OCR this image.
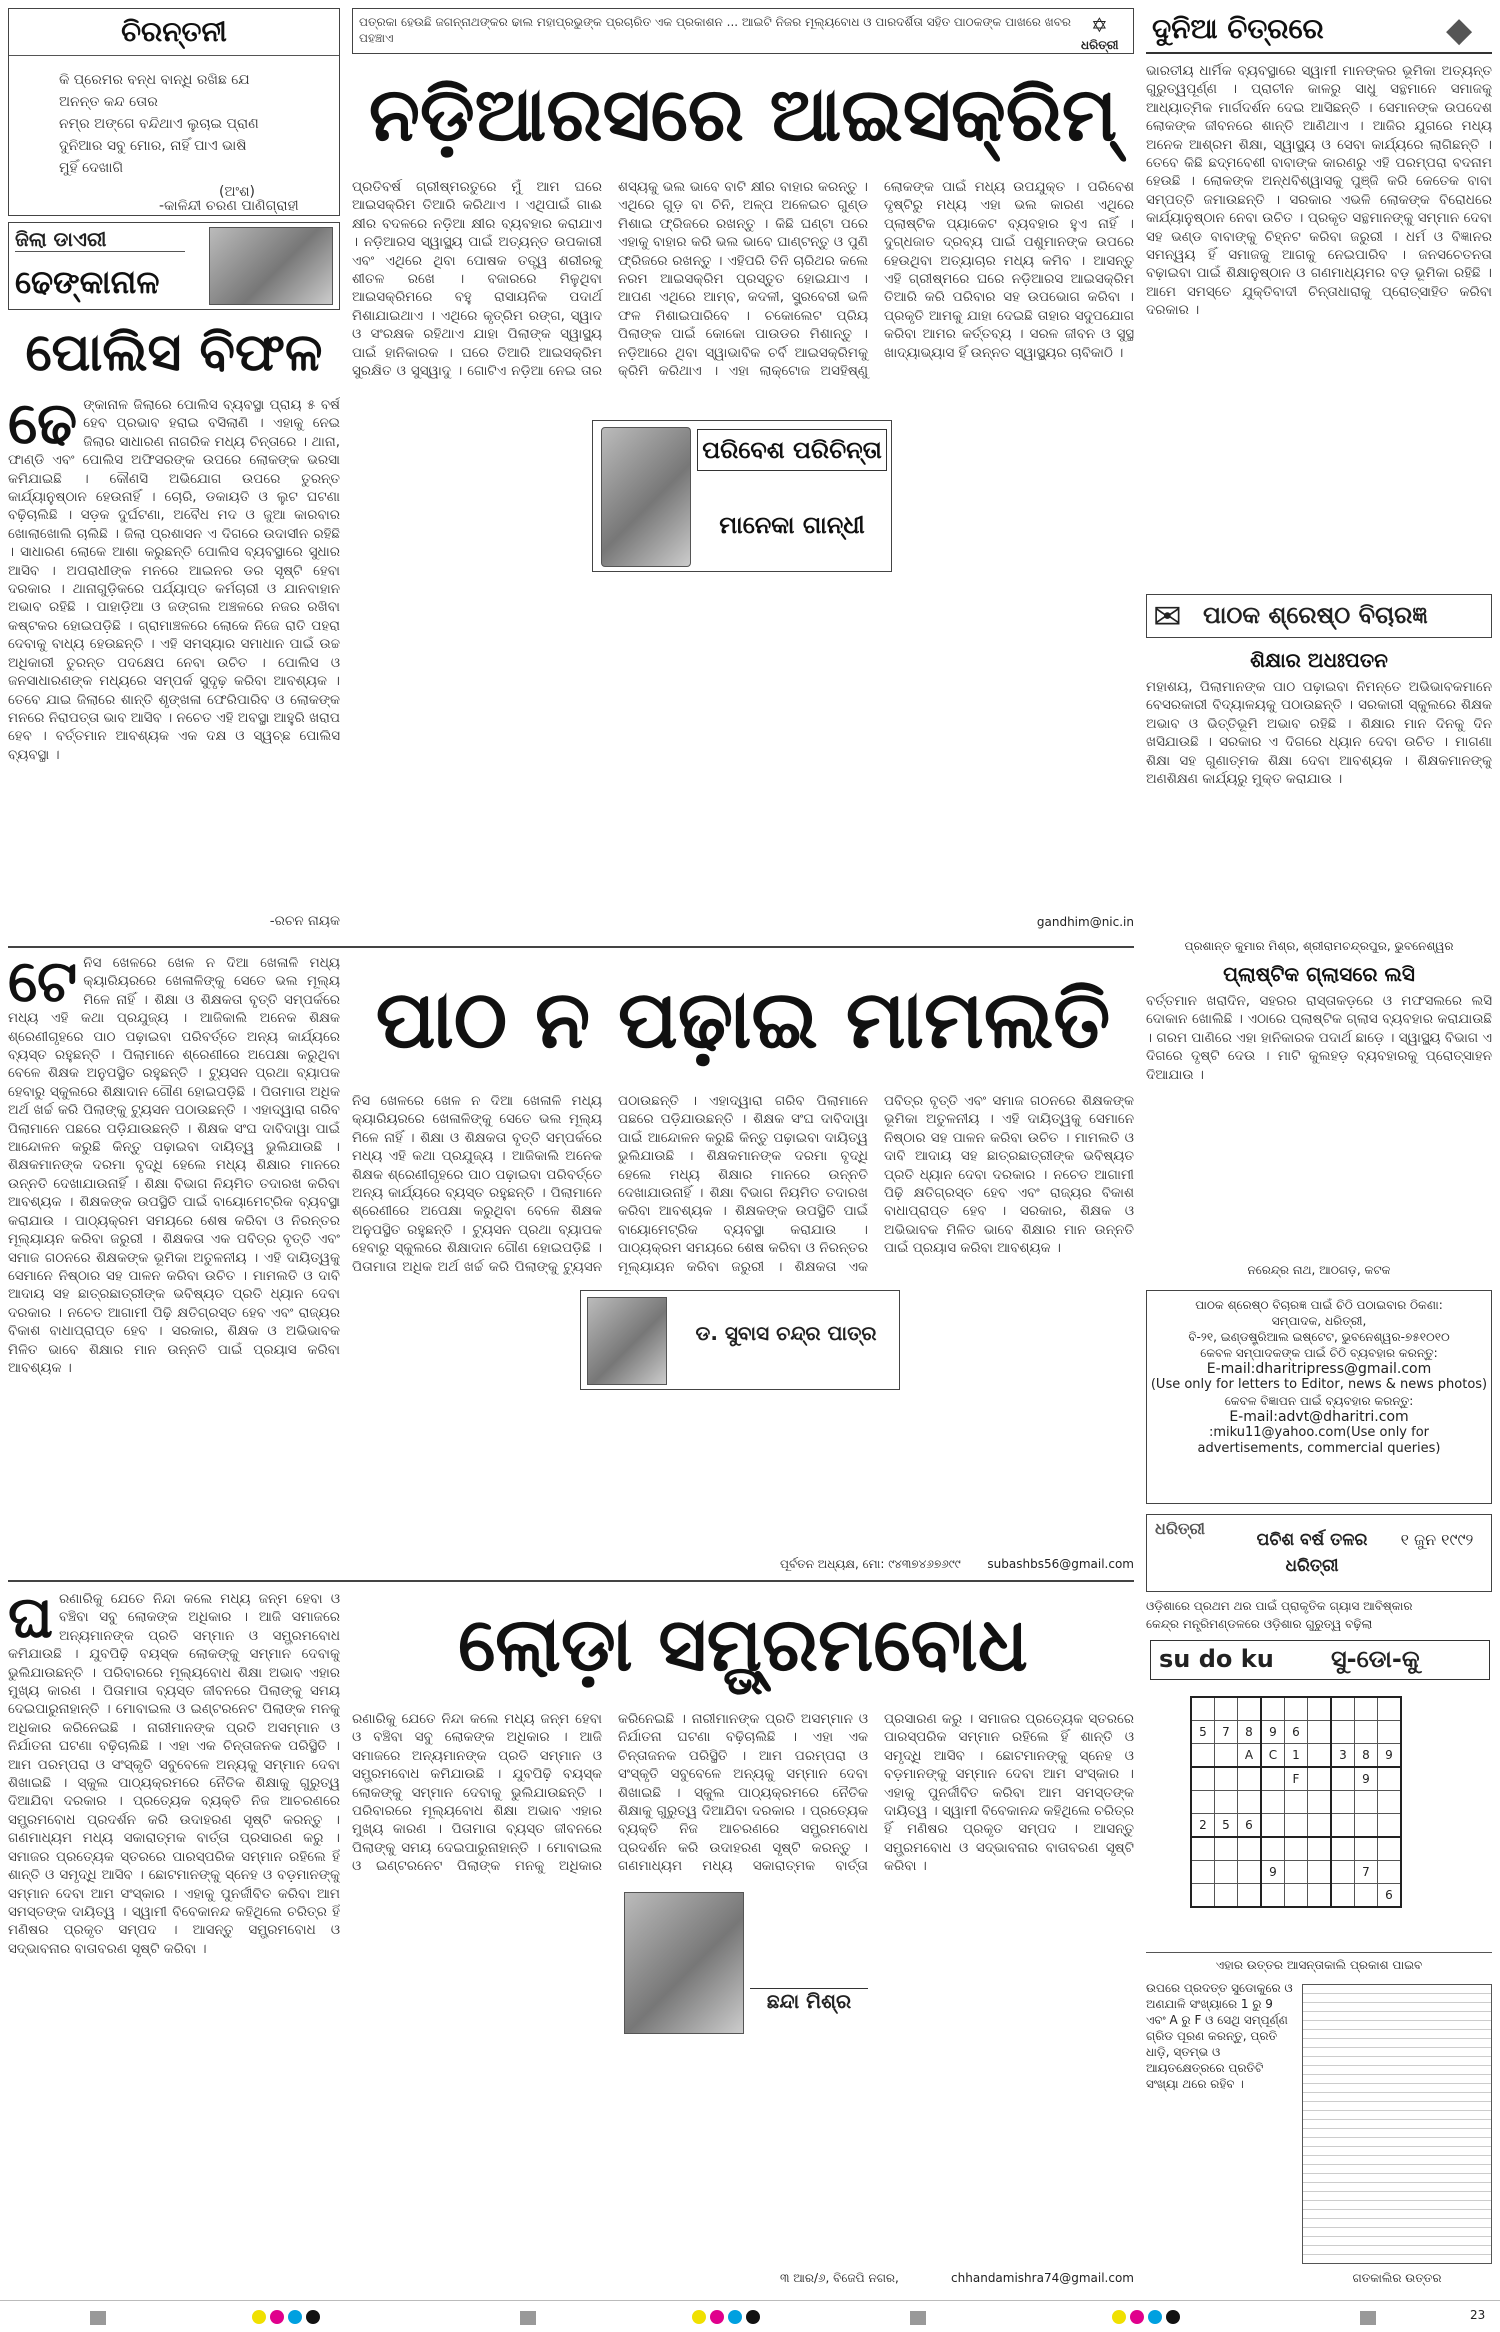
ପତ୍ରକା ହେଉଛି ଜଗନ୍ନାଥଙ୍କର ଢାଲ ମହାପ୍ରଭୁଙ୍କ ପ୍ରଚାରିତ ଏକ ପ୍ରକାଶନ ... ଆଇଟି ନିଜର ମୂଲ୍ୟବୋଧ ଓ ପାରଦର୍ଶିତା ସହିତ ପାଠକଙ୍କ ପାଖରେ ଖବର ପହଞ୍ଚାଏ
✡
ଧରିତ୍ରୀ
ଚିରନ୍ତନୀ
କି ପ୍ରେମର ବନ୍ଧ ବାନ୍ଧି ରଖିଛ ଯେ
ଅନନ୍ତ କନ୍ଦ ତୋର
ନମ୍ର ଅଙ୍ଗେ ବନ୍ଦିଥାଏ ଲୁଚାଇ ପ୍ରାଣ
ଦୁନିଆର ସବୁ ମୋର, ନାହିଁ ପାଏ ଭାଷି
ମୁହିଁ ଦେଖାଗି
(ଅଂଶ)
-କାଳିନ୍ଦୀ ଚରଣ ପାଣିଗ୍ରାହୀ
ଜିଲା ଡାଏରୀ
ଢେଙ୍କାନାଳ
ପୋଲିସ ବିଫଳ
ଢେ ଙ୍କାନାଳ ଜିଲାରେ ପୋଲିସ ବ୍ୟବସ୍ଥା ପ୍ରାୟ ୫ ବର୍ଷ ହେବ ପ୍ରଭାବ ହରାଇ ବସିଲାଣି । ଏହାକୁ ନେଇ ଜିଲାର ସାଧାରଣ ନାଗରିକ ମଧ୍ୟ ଚିନ୍ତାରେ । ଥାନା, ଫାଣ୍ଡି ଏବଂ ପୋଲିସ ଅଫିସରଙ୍କ ଉପରେ ଲୋକଙ୍କ ଭରସା କମିଯାଇଛି । କୌଣସି ଅଭିଯୋଗ ଉପରେ ତୁରନ୍ତ କାର୍ଯ୍ୟାନୁଷ୍ଠାନ ହେଉନାହିଁ । ଚୋରି, ଡକାୟତି ଓ ଲୁଟ ଘଟଣା ବଢ଼ିଚାଲିଛି । ସଡ଼କ ଦୁର୍ଘଟଣା, ଅବୈଧ ମଦ ଓ ଜୁଆ କାରବାର ଖୋଲାଖୋଲି ଚାଲିଛି । ଜିଲା ପ୍ରଶାସନ ଏ ଦିଗରେ ଉଦାସୀନ ରହିଛି । ସାଧାରଣ ଲୋକେ ଆଶା କରୁଛନ୍ତି ପୋଲିସ ବ୍ୟବସ୍ଥାରେ ସୁଧାର ଆସିବ । ଅପରାଧୀଙ୍କ ମନରେ ଆଇନର ଡର ସୃଷ୍ଟି ହେବା ଦରକାର । ଥାନାଗୁଡ଼ିକରେ ପର୍ଯ୍ୟାପ୍ତ କର୍ମଚାରୀ ଓ ଯାନବାହାନ ଅଭାବ ରହିଛି । ପାହାଡ଼ିଆ ଓ ଜଙ୍ଗଲ ଅଞ୍ଚଳରେ ନଜର ରଖିବା କଷ୍ଟକର ହୋଇପଡ଼ିଛି । ଗ୍ରାମାଞ୍ଚଳରେ ଲୋକେ ନିଜେ ରାତି ପହରା ଦେବାକୁ ବାଧ୍ୟ ହେଉଛନ୍ତି । ଏହି ସମସ୍ୟାର ସମାଧାନ ପାଇଁ ଉଚ୍ଚ ଅଧିକାରୀ ତୁରନ୍ତ ପଦକ୍ଷେପ ନେବା ଉଚିତ । ପୋଲିସ ଓ ଜନସାଧାରଣଙ୍କ ମଧ୍ୟରେ ସମ୍ପର୍କ ସୁଦୃଢ଼ କରିବା ଆବଶ୍ୟକ । ତେବେ ଯାଇ ଜିଲାରେ ଶାନ୍ତି ଶୃଙ୍ଖଳା ଫେରିପାରିବ ଓ ଲୋକଙ୍କ ମନରେ ନିରାପତ୍ତା ଭାବ ଆସିବ । ନଚେତ ଏହି ଅବସ୍ଥା ଆହୁରି ଖରାପ ହେବ । ବର୍ତ୍ତମାନ ଆବଶ୍ୟକ ଏକ ଦକ୍ଷ ଓ ସ୍ୱଚ୍ଛ ପୋଲିସ ବ୍ୟବସ୍ଥା ।
-ରଚନ ନାୟକ
ନଡ଼ିଆରସରେ ଆଇସକ୍ରିମ୍
ପ୍ରତିବର୍ଷ ଗ୍ରୀଷ୍ମରତୁରେ ମୁଁ ଆମ ଘରେ ଆଇସକ୍ରିମ ତିଆରି କରିଥାଏ । ଏଥିପାଇଁ ଗାଈ କ୍ଷୀର ବଦଳରେ ନଡ଼ିଆ କ୍ଷୀର ବ୍ୟବହାର କରାଯାଏ । ନଡ଼ିଆରସ ସ୍ୱାସ୍ଥ୍ୟ ପାଇଁ ଅତ୍ୟନ୍ତ ଉପକାରୀ ଏବଂ ଏଥିରେ ଥିବା ପୋଷକ ତତ୍ତ୍ୱ ଶରୀରକୁ ଶୀତଳ ରଖେ । ବଜାରରେ ମିଳୁଥିବା ଆଇସକ୍ରିମରେ ବହୁ ରାସାୟନିକ ପଦାର୍ଥ ମିଶାଯାଇଥାଏ । ଏଥିରେ କୃତ୍ରିମ ରଙ୍ଗ, ସ୍ୱାଦ ଓ ସଂରକ୍ଷକ ରହିଥାଏ ଯାହା ପିଲାଙ୍କ ସ୍ୱାସ୍ଥ୍ୟ ପାଇଁ ହାନିକାରକ । ଘରେ ତିଆରି ଆଇସକ୍ରିମ ସୁରକ୍ଷିତ ଓ ସୁସ୍ୱାଦୁ । ଗୋଟିଏ ନଡ଼ିଆ ନେଇ ତାର ଶସ୍ୟକୁ ଭଲ ଭାବେ ବାଟି କ୍ଷୀର ବାହାର କରନ୍ତୁ । ଏଥିରେ ଗୁଡ଼ ବା ଚିନି, ଅଳ୍ପ ଅଳେଇଚ ଗୁଣ୍ଡ ମିଶାଇ ଫ୍ରିଜରେ ରଖନ୍ତୁ । କିଛି ଘଣ୍ଟା ପରେ ଏହାକୁ ବାହାର କରି ଭଲ ଭାବେ ଘାଣ୍ଟନ୍ତୁ ଓ ପୁଣି ଫ୍ରିଜରେ ରଖନ୍ତୁ । ଏହିପରି ତିନି ଚାରିଥର କଲେ ନରମ ଆଇସକ୍ରିମ ପ୍ରସ୍ତୁତ ହୋଇଯାଏ । ଆପଣ ଏଥିରେ ଆମ୍ବ, କଦଳୀ, ସ୍ଟ୍ରବେରୀ ଭଳି ଫଳ ମିଶାଇପାରିବେ । ଚକୋଲେଟ ପ୍ରିୟ ପିଲାଙ୍କ ପାଇଁ କୋକୋ ପାଉଡର ମିଶାନ୍ତୁ । ନଡ଼ିଆରେ ଥିବା ସ୍ୱାଭାବିକ ଚର୍ବି ଆଇସକ୍ରିମକୁ କ୍ରିମି କରିଥାଏ । ଏହା ଲାକ୍ଟୋଜ ଅସହିଷ୍ଣୁ ଲୋକଙ୍କ ପାଇଁ ମଧ୍ୟ ଉପଯୁକ୍ତ । ପରିବେଶ ଦୃଷ୍ଟିରୁ ମଧ୍ୟ ଏହା ଭଲ କାରଣ ଏଥିରେ ପ୍ଲାଷ୍ଟିକ ପ୍ୟାକେଟ ବ୍ୟବହାର ହୁଏ ନାହିଁ । ଦୁଗ୍ଧଜାତ ଦ୍ରବ୍ୟ ପାଇଁ ପଶୁମାନଙ୍କ ଉପରେ ହେଉଥିବା ଅତ୍ୟାଚାର ମଧ୍ୟ କମିବ । ଆସନ୍ତୁ ଏହି ଗ୍ରୀଷ୍ମରେ ଘରେ ନଡ଼ିଆରସ ଆଇସକ୍ରିମ ତିଆରି କରି ପରିବାର ସହ ଉପଭୋଗ କରିବା । ପ୍ରକୃତି ଆମକୁ ଯାହା ଦେଇଛି ତାହାର ସଦୁପଯୋଗ କରିବା ଆମର କର୍ତ୍ତବ୍ୟ । ସରଳ ଜୀବନ ଓ ସୁସ୍ଥ ଖାଦ୍ୟାଭ୍ୟାସ ହିଁ ଉନ୍ନତ ସ୍ୱାସ୍ଥ୍ୟର ଚାବିକାଠି ।
ପରିବେଶ ପରିଚିନ୍ତା
ମାନେକା ଗାନ୍ଧୀ
gandhim@nic.in
ଦୁନିଆ ଚିତ୍ରରେ	◆
ଭାରତୀୟ ଧାର୍ମିକ ବ୍ୟବସ୍ଥାରେ ସ୍ୱାମୀ ମାନଙ୍କର ଭୂମିକା ଅତ୍ୟନ୍ତ ଗୁରୁତ୍ୱପୂର୍ଣ୍ଣ । ପ୍ରାଚୀନ କାଳରୁ ସାଧୁ ସନ୍ଥମାନେ ସମାଜକୁ ଆଧ୍ୟାତ୍ମିକ ମାର୍ଗଦର୍ଶନ ଦେଇ ଆସିଛନ୍ତି । ସେମାନଙ୍କ ଉପଦେଶ ଲୋକଙ୍କ ଜୀବନରେ ଶାନ୍ତି ଆଣିଥାଏ । ଆଜିର ଯୁଗରେ ମଧ୍ୟ ଅନେକ ଆଶ୍ରମ ଶିକ୍ଷା, ସ୍ୱାସ୍ଥ୍ୟ ଓ ସେବା କାର୍ଯ୍ୟରେ ଲାଗିଛନ୍ତି । ତେବେ କିଛି ଛଦ୍ମବେଶୀ ବାବାଙ୍କ କାରଣରୁ ଏହି ପରମ୍ପରା ବଦନାମ ହେଉଛି । ଲୋକଙ୍କ ଅନ୍ଧବିଶ୍ୱାସକୁ ପୁଞ୍ଜି କରି କେତେକ ବାବା ସମ୍ପତ୍ତି ଜମାଉଛନ୍ତି । ସରକାର ଏଭଳି ଲୋକଙ୍କ ବିରୋଧରେ କାର୍ଯ୍ୟାନୁଷ୍ଠାନ ନେବା ଉଚିତ । ପ୍ରକୃତ ସନ୍ଥମାନଙ୍କୁ ସମ୍ମାନ ଦେବା ସହ ଭଣ୍ଡ ବାବାଙ୍କୁ ଚିହ୍ନଟ କରିବା ଜରୁରୀ । ଧର୍ମ ଓ ବିଜ୍ଞାନର ସମନ୍ୱୟ ହିଁ ସମାଜକୁ ଆଗକୁ ନେଇପାରିବ । ଜନସଚେତନତା ବଢ଼ାଇବା ପାଇଁ ଶିକ୍ଷାନୁଷ୍ଠାନ ଓ ଗଣମାଧ୍ୟମର ବଡ଼ ଭୂମିକା ରହିଛି । ଆମେ ସମସ୍ତେ ଯୁକ୍ତିବାଦୀ ଚିନ୍ତାଧାରାକୁ ପ୍ରୋତ୍ସାହିତ କରିବା ଦରକାର ।
✉ ପାଠକ ଶ୍ରେଷ୍ଠ ବିଚାରଜ୍ଞ
ଶିକ୍ଷାର ଅଧଃପତନ
ମହାଶୟ, ପିଲାମାନଙ୍କ ପାଠ ପଢ଼ାଇବା ନିମନ୍ତେ ଅଭିଭାବକମାନେ ବେସରକାରୀ ବିଦ୍ୟାଳୟକୁ ପଠାଉଛନ୍ତି । ସରକାରୀ ସ୍କୁଲରେ ଶିକ୍ଷକ ଅଭାବ ଓ ଭିତ୍ତିଭୂମି ଅଭାବ ରହିଛି । ଶିକ୍ଷାର ମାନ ଦିନକୁ ଦିନ ଖସିଯାଉଛି । ସରକାର ଏ ଦିଗରେ ଧ୍ୟାନ ଦେବା ଉଚିତ । ମାଗଣା ଶିକ୍ଷା ସହ ଗୁଣାତ୍ମକ ଶିକ୍ଷା ଦେବା ଆବଶ୍ୟକ । ଶିକ୍ଷକମାନଙ୍କୁ ଅଣଶିକ୍ଷଣ କାର୍ଯ୍ୟରୁ ମୁକ୍ତ କରାଯାଉ ।
ପ୍ରଶାନ୍ତ କୁମାର ମିଶ୍ର, ଶ୍ରୀରାମଚନ୍ଦ୍ରପୁର, ଭୁବନେଶ୍ୱର
ପ୍ଲାଷ୍ଟିକ ଗ୍ଲାସରେ ଲସି
ବର୍ତ୍ତମାନ ଖରାଦିନ, ସହରର ରାସ୍ତାକଡ଼ରେ ଓ ମଫସଲରେ ଲସି ଦୋକାନ ଖୋଲିଛି । ଏଠାରେ ପ୍ଲାଷ୍ଟିକ ଗ୍ଲାସ ବ୍ୟବହାର କରାଯାଉଛି । ଗରମ ପାଣିରେ ଏହା ହାନିକାରକ ପଦାର୍ଥ ଛାଡ଼େ । ସ୍ୱାସ୍ଥ୍ୟ ବିଭାଗ ଏ ଦିଗରେ ଦୃଷ୍ଟି ଦେଉ । ମାଟି କୁଲହଡ଼ ବ୍ୟବହାରକୁ ପ୍ରୋତ୍ସାହନ ଦିଆଯାଉ ।
ନରେନ୍ଦ୍ର ନାଥ, ଆଠଗଡ଼, କଟକ
ପାଠକ ଶ୍ରେଷ୍ଠ ବିଚାରଜ୍ଞ ପାଇଁ ଚିଠି ପଠାଇବାର ଠିକଣା:
ସମ୍ପାଦକ, ଧରିତ୍ରୀ,
ବି-୨୧, ଇଣ୍ଡଷ୍ଟ୍ରିଆଲ ଇଷ୍ଟେଟ, ଭୁବନେଶ୍ୱର-୭୫୧୦୧୦
କେବଳ ସମ୍ପାଦକଙ୍କ ପାଇଁ ଚିଠି ବ୍ୟବହାର କରନ୍ତୁ:
E-mail:dharitripress@gmail.com
(Use only for letters to Editor, news & news photos)
କେବଳ ବିଜ୍ଞାପନ ପାଇଁ ବ୍ୟବହାର କରନ୍ତୁ:
E-mail:advt@dharitri.com
:miku11@yahoo.com(Use only for
advertisements, commercial queries)
ଧରିତ୍ରୀ
ପଚିଶ ବର୍ଷ ତଳର ଧରିତ୍ରୀ
୧ ଜୁନ ୧୯୯୨
ଓଡ଼ିଶାରେ ପ୍ରଥମ ଥର ପାଇଁ ପ୍ରାକୃତିକ ଗ୍ୟାସ ଆବିଷ୍କାର
କେନ୍ଦ୍ର ମନ୍ତ୍ରିମଣ୍ଡଳରେ ଓଡ଼ିଶାର ଗୁରୁତ୍ୱ ବଢ଼ିଲା
su do ku ସୁ-ଡୋ-କୁ

5	7	8	9	6				
		A	C	1		3	8	9
				F			9	

2	5	6						

			9				7	
								6
ଏହାର ଉତ୍ତର ଆସନ୍ତାକାଲି ପ୍ରକାଶ ପାଇବ
ଉପରେ ପ୍ରଦତ୍ତ ସୁଡୋକୁରେ ଓ ଅଣଯାଳି ସଂଖ୍ୟାରେ 1 ରୁ 9 ଏବଂ A ରୁ F ଓ ସେଥି ସମ୍ପୂର୍ଣ୍ଣ ଗ୍ରିଡ ପୂରଣ କରନ୍ତୁ, ପ୍ରତି ଧାଡ଼ି, ସ୍ତମ୍ଭ ଓ ଆୟତକ୍ଷେତ୍ରରେ ପ୍ରତିଟି ସଂଖ୍ୟା ଥରେ ରହିବ ।
ଗତକାଲିର ଉତ୍ତର
ପାଠ ନ ପଢ଼ାଇ ମାମଲତି
ଟେ ନିସ ଖେଳରେ ଖେଳ ନ ଦିଆ ଖେଳାଳି ମଧ୍ୟ କ୍ୟାରିୟରରେ ଖେଳାଳିଙ୍କୁ ସେତେ ଭଲ ମୂଲ୍ୟ ମିଳେ ନାହିଁ । ଶିକ୍ଷା ଓ ଶିକ୍ଷକତା ବୃତ୍ତି ସମ୍ପର୍କରେ ମଧ୍ୟ ଏହି କଥା ପ୍ରଯୁଜ୍ୟ । ଆଜିକାଲି ଅନେକ ଶିକ୍ଷକ ଶ୍ରେଣୀଗୃହରେ ପାଠ ପଢ଼ାଇବା ପରିବର୍ତ୍ତେ ଅନ୍ୟ କାର୍ଯ୍ୟରେ ବ୍ୟସ୍ତ ରହୁଛନ୍ତି । ପିଲାମାନେ ଶ୍ରେଣୀରେ ଅପେକ୍ଷା କରୁଥିବା ବେଳେ ଶିକ୍ଷକ ଅନୁପସ୍ଥିତ ରହୁଛନ୍ତି । ଟ୍ୟୁସନ ପ୍ରଥା ବ୍ୟାପକ ହେବାରୁ ସ୍କୁଲରେ ଶିକ୍ଷାଦାନ ଗୌଣ ହୋଇପଡ଼ିଛି । ପିତାମାତା ଅଧିକ ଅର୍ଥ ଖର୍ଚ୍ଚ କରି ପିଲାଙ୍କୁ ଟ୍ୟୁସନ ପଠାଉଛନ୍ତି । ଏହାଦ୍ୱାରା ଗରିବ ପିଲାମାନେ ପଛରେ ପଡ଼ିଯାଉଛନ୍ତି । ଶିକ୍ଷକ ସଂଘ ଦାବିଦାୱା ପାଇଁ ଆନ୍ଦୋଳନ କରୁଛି କିନ୍ତୁ ପଢ଼ାଇବା ଦାୟିତ୍ୱ ଭୁଲିଯାଉଛି । ଶିକ୍ଷକମାନଙ୍କ ଦରମା ବୃଦ୍ଧି ହେଲେ ମଧ୍ୟ ଶିକ୍ଷାର ମାନରେ ଉନ୍ନତି ଦେଖାଯାଉନାହିଁ । ଶିକ୍ଷା ବିଭାଗ ନିୟମିତ ତଦାରଖ କରିବା ଆବଶ୍ୟକ । ଶିକ୍ଷକଙ୍କ ଉପସ୍ଥିତି ପାଇଁ ବାୟୋମେଟ୍ରିକ ବ୍ୟବସ୍ଥା କରାଯାଉ । ପାଠ୍ୟକ୍ରମ ସମୟରେ ଶେଷ କରିବା ଓ ନିରନ୍ତର ମୂଲ୍ୟାୟନ କରିବା ଜରୁରୀ । ଶିକ୍ଷକତା ଏକ ପବିତ୍ର ବୃତ୍ତି ଏବଂ ସମାଜ ଗଠନରେ ଶିକ୍ଷକଙ୍କ ଭୂମିକା ଅତୁଳନୀୟ । ଏହି ଦାୟିତ୍ୱକୁ ସେମାନେ ନିଷ୍ଠାର ସହ ପାଳନ କରିବା ଉଚିତ । ମାମଲତି ଓ ଦାବି ଆଦାୟ ସହ ଛାତ୍ରଛାତ୍ରୀଙ୍କ ଭବିଷ୍ୟତ ପ୍ରତି ଧ୍ୟାନ ଦେବା ଦରକାର । ନଚେତ ଆଗାମୀ ପିଢ଼ି କ୍ଷତିଗ୍ରସ୍ତ ହେବ ଏବଂ ରାଜ୍ୟର ବିକାଶ ବାଧାପ୍ରାପ୍ତ ହେବ । ସରକାର, ଶିକ୍ଷକ ଓ ଅଭିଭାବକ ମିଳିତ ଭାବେ ଶିକ୍ଷାର ମାନ ଉନ୍ନତି ପାଇଁ ପ୍ରୟାସ କରିବା ଆବଶ୍ୟକ ।
ନିସ ଖେଳରେ ଖେଳ ନ ଦିଆ ଖେଳାଳି ମଧ୍ୟ କ୍ୟାରିୟରରେ ଖେଳାଳିଙ୍କୁ ସେତେ ଭଲ ମୂଲ୍ୟ ମିଳେ ନାହିଁ । ଶିକ୍ଷା ଓ ଶିକ୍ଷକତା ବୃତ୍ତି ସମ୍ପର୍କରେ ମଧ୍ୟ ଏହି କଥା ପ୍ରଯୁଜ୍ୟ । ଆଜିକାଲି ଅନେକ ଶିକ୍ଷକ ଶ୍ରେଣୀଗୃହରେ ପାଠ ପଢ଼ାଇବା ପରିବର୍ତ୍ତେ ଅନ୍ୟ କାର୍ଯ୍ୟରେ ବ୍ୟସ୍ତ ରହୁଛନ୍ତି । ପିଲାମାନେ ଶ୍ରେଣୀରେ ଅପେକ୍ଷା କରୁଥିବା ବେଳେ ଶିକ୍ଷକ ଅନୁପସ୍ଥିତ ରହୁଛନ୍ତି । ଟ୍ୟୁସନ ପ୍ରଥା ବ୍ୟାପକ ହେବାରୁ ସ୍କୁଲରେ ଶିକ୍ଷାଦାନ ଗୌଣ ହୋଇପଡ଼ିଛି । ପିତାମାତା ଅଧିକ ଅର୍ଥ ଖର୍ଚ୍ଚ କରି ପିଲାଙ୍କୁ ଟ୍ୟୁସନ ପଠାଉଛନ୍ତି । ଏହାଦ୍ୱାରା ଗରିବ ପିଲାମାନେ ପଛରେ ପଡ଼ିଯାଉଛନ୍ତି । ଶିକ୍ଷକ ସଂଘ ଦାବିଦାୱା ପାଇଁ ଆନ୍ଦୋଳନ କରୁଛି କିନ୍ତୁ ପଢ଼ାଇବା ଦାୟିତ୍ୱ ଭୁଲିଯାଉଛି । ଶିକ୍ଷକମାନଙ୍କ ଦରମା ବୃଦ୍ଧି ହେଲେ ମଧ୍ୟ ଶିକ୍ଷାର ମାନରେ ଉନ୍ନତି ଦେଖାଯାଉନାହିଁ । ଶିକ୍ଷା ବିଭାଗ ନିୟମିତ ତଦାରଖ କରିବା ଆବଶ୍ୟକ । ଶିକ୍ଷକଙ୍କ ଉପସ୍ଥିତି ପାଇଁ ବାୟୋମେଟ୍ରିକ ବ୍ୟବସ୍ଥା କରାଯାଉ । ପାଠ୍ୟକ୍ରମ ସମୟରେ ଶେଷ କରିବା ଓ ନିରନ୍ତର ମୂଲ୍ୟାୟନ କରିବା ଜରୁରୀ । ଶିକ୍ଷକତା ଏକ ପବିତ୍ର ବୃତ୍ତି ଏବଂ ସମାଜ ଗଠନରେ ଶିକ୍ଷକଙ୍କ ଭୂମିକା ଅତୁଳନୀୟ । ଏହି ଦାୟିତ୍ୱକୁ ସେମାନେ ନିଷ୍ଠାର ସହ ପାଳନ କରିବା ଉଚିତ । ମାମଲତି ଓ ଦାବି ଆଦାୟ ସହ ଛାତ୍ରଛାତ୍ରୀଙ୍କ ଭବିଷ୍ୟତ ପ୍ରତି ଧ୍ୟାନ ଦେବା ଦରକାର । ନଚେତ ଆଗାମୀ ପିଢ଼ି କ୍ଷତିଗ୍ରସ୍ତ ହେବ ଏବଂ ରାଜ୍ୟର ବିକାଶ ବାଧାପ୍ରାପ୍ତ ହେବ । ସରକାର, ଶିକ୍ଷକ ଓ ଅଭିଭାବକ ମିଳିତ ଭାବେ ଶିକ୍ଷାର ମାନ ଉନ୍ନତି ପାଇଁ ପ୍ରୟାସ କରିବା ଆବଶ୍ୟକ ।
ଡ. ସୁବାସ ଚନ୍ଦ୍ର ପାତ୍ର
ପୂର୍ବତନ ଅଧ୍ୟକ୍ଷ, ମୋ: ୯୪୩୭୪୬୭୬୯୯	subashbs56@gmail.com
ଲୋଡ଼ା ସମ୍ଭ୍ରମବୋଧ
ଘ ରଣାରିକୁ ଯେତେ ନିନ୍ଦା କଲେ ମଧ୍ୟ ଜନ୍ମ ହେବା ଓ ବଞ୍ଚିବା ସବୁ ଲୋକଙ୍କ ଅଧିକାର । ଆଜି ସମାଜରେ ଅନ୍ୟମାନଙ୍କ ପ୍ରତି ସମ୍ମାନ ଓ ସମ୍ଭ୍ରମବୋଧ କମିଯାଉଛି । ଯୁବପିଢ଼ି ବୟସ୍କ ଲୋକଙ୍କୁ ସମ୍ମାନ ଦେବାକୁ ଭୁଲିଯାଉଛନ୍ତି । ପରିବାରରେ ମୂଲ୍ୟବୋଧ ଶିକ୍ଷା ଅଭାବ ଏହାର ମୁଖ୍ୟ କାରଣ । ପିତାମାତା ବ୍ୟସ୍ତ ଜୀବନରେ ପିଲାଙ୍କୁ ସମୟ ଦେଇପାରୁନାହାନ୍ତି । ମୋବାଇଲ ଓ ଇଣ୍ଟରନେଟ ପିଲାଙ୍କ ମନକୁ ଅଧିକାର କରିନେଇଛି । ନାରୀମାନଙ୍କ ପ୍ରତି ଅସମ୍ମାନ ଓ ନିର୍ଯାତନା ଘଟଣା ବଢ଼ିଚାଲିଛି । ଏହା ଏକ ଚିନ୍ତାଜନକ ପରିସ୍ଥିତି । ଆମ ପରମ୍ପରା ଓ ସଂସ୍କୃତି ସବୁବେଳେ ଅନ୍ୟକୁ ସମ୍ମାନ ଦେବା ଶିଖାଇଛି । ସ୍କୁଲ ପାଠ୍ୟକ୍ରମରେ ନୈତିକ ଶିକ୍ଷାକୁ ଗୁରୁତ୍ୱ ଦିଆଯିବା ଦରକାର । ପ୍ରତ୍ୟେକ ବ୍ୟକ୍ତି ନିଜ ଆଚରଣରେ ସମ୍ଭ୍ରମବୋଧ ପ୍ରଦର୍ଶନ କରି ଉଦାହରଣ ସୃଷ୍ଟି କରନ୍ତୁ । ଗଣମାଧ୍ୟମ ମଧ୍ୟ ସକାରାତ୍ମକ ବାର୍ତ୍ତା ପ୍ରସାରଣ କରୁ । ସମାଜର ପ୍ରତ୍ୟେକ ସ୍ତରରେ ପାରସ୍ପରିକ ସମ୍ମାନ ରହିଲେ ହିଁ ଶାନ୍ତି ଓ ସମୃଦ୍ଧି ଆସିବ । ଛୋଟମାନଙ୍କୁ ସ୍ନେହ ଓ ବଡ଼ମାନଙ୍କୁ ସମ୍ମାନ ଦେବା ଆମ ସଂସ୍କାର । ଏହାକୁ ପୁନର୍ଜୀବିତ କରିବା ଆମ ସମସ୍ତଙ୍କ ଦାୟିତ୍ୱ । ସ୍ୱାମୀ ବିବେକାନନ୍ଦ କହିଥିଲେ ଚରିତ୍ର ହିଁ ମଣିଷର ପ୍ରକୃତ ସମ୍ପଦ । ଆସନ୍ତୁ ସମ୍ଭ୍ରମବୋଧ ଓ ସଦ୍ଭାବନାର ବାତାବରଣ ସୃଷ୍ଟି କରିବା ।
ରଣାରିକୁ ଯେତେ ନିନ୍ଦା କଲେ ମଧ୍ୟ ଜନ୍ମ ହେବା ଓ ବଞ୍ଚିବା ସବୁ ଲୋକଙ୍କ ଅଧିକାର । ଆଜି ସମାଜରେ ଅନ୍ୟମାନଙ୍କ ପ୍ରତି ସମ୍ମାନ ଓ ସମ୍ଭ୍ରମବୋଧ କମିଯାଉଛି । ଯୁବପିଢ଼ି ବୟସ୍କ ଲୋକଙ୍କୁ ସମ୍ମାନ ଦେବାକୁ ଭୁଲିଯାଉଛନ୍ତି । ପରିବାରରେ ମୂଲ୍ୟବୋଧ ଶିକ୍ଷା ଅଭାବ ଏହାର ମୁଖ୍ୟ କାରଣ । ପିତାମାତା ବ୍ୟସ୍ତ ଜୀବନରେ ପିଲାଙ୍କୁ ସମୟ ଦେଇପାରୁନାହାନ୍ତି । ମୋବାଇଲ ଓ ଇଣ୍ଟରନେଟ ପିଲାଙ୍କ ମନକୁ ଅଧିକାର କରିନେଇଛି । ନାରୀମାନଙ୍କ ପ୍ରତି ଅସମ୍ମାନ ଓ ନିର୍ଯାତନା ଘଟଣା ବଢ଼ିଚାଲିଛି । ଏହା ଏକ ଚିନ୍ତାଜନକ ପରିସ୍ଥିତି । ଆମ ପରମ୍ପରା ଓ ସଂସ୍କୃତି ସବୁବେଳେ ଅନ୍ୟକୁ ସମ୍ମାନ ଦେବା ଶିଖାଇଛି । ସ୍କୁଲ ପାଠ୍ୟକ୍ରମରେ ନୈତିକ ଶିକ୍ଷାକୁ ଗୁରୁତ୍ୱ ଦିଆଯିବା ଦରକାର । ପ୍ରତ୍ୟେକ ବ୍ୟକ୍ତି ନିଜ ଆଚରଣରେ ସମ୍ଭ୍ରମବୋଧ ପ୍ରଦର୍ଶନ କରି ଉଦାହରଣ ସୃଷ୍ଟି କରନ୍ତୁ । ଗଣମାଧ୍ୟମ ମଧ୍ୟ ସକାରାତ୍ମକ ବାର୍ତ୍ତା ପ୍ରସାରଣ କରୁ । ସମାଜର ପ୍ରତ୍ୟେକ ସ୍ତରରେ ପାରସ୍ପରିକ ସମ୍ମାନ ରହିଲେ ହିଁ ଶାନ୍ତି ଓ ସମୃଦ୍ଧି ଆସିବ । ଛୋଟମାନଙ୍କୁ ସ୍ନେହ ଓ ବଡ଼ମାନଙ୍କୁ ସମ୍ମାନ ଦେବା ଆମ ସଂସ୍କାର । ଏହାକୁ ପୁନର୍ଜୀବିତ କରିବା ଆମ ସମସ୍ତଙ୍କ ଦାୟିତ୍ୱ । ସ୍ୱାମୀ ବିବେକାନନ୍ଦ କହିଥିଲେ ଚରିତ୍ର ହିଁ ମଣିଷର ପ୍ରକୃତ ସମ୍ପଦ । ଆସନ୍ତୁ ସମ୍ଭ୍ରମବୋଧ ଓ ସଦ୍ଭାବନାର ବାତାବରଣ ସୃଷ୍ଟି କରିବା ।
ଛନ୍ଦା ମିଶ୍ର
୩ ଆର/୬, ବିଜେପି ନଗର,	chhandamishra74@gmail.com
23
